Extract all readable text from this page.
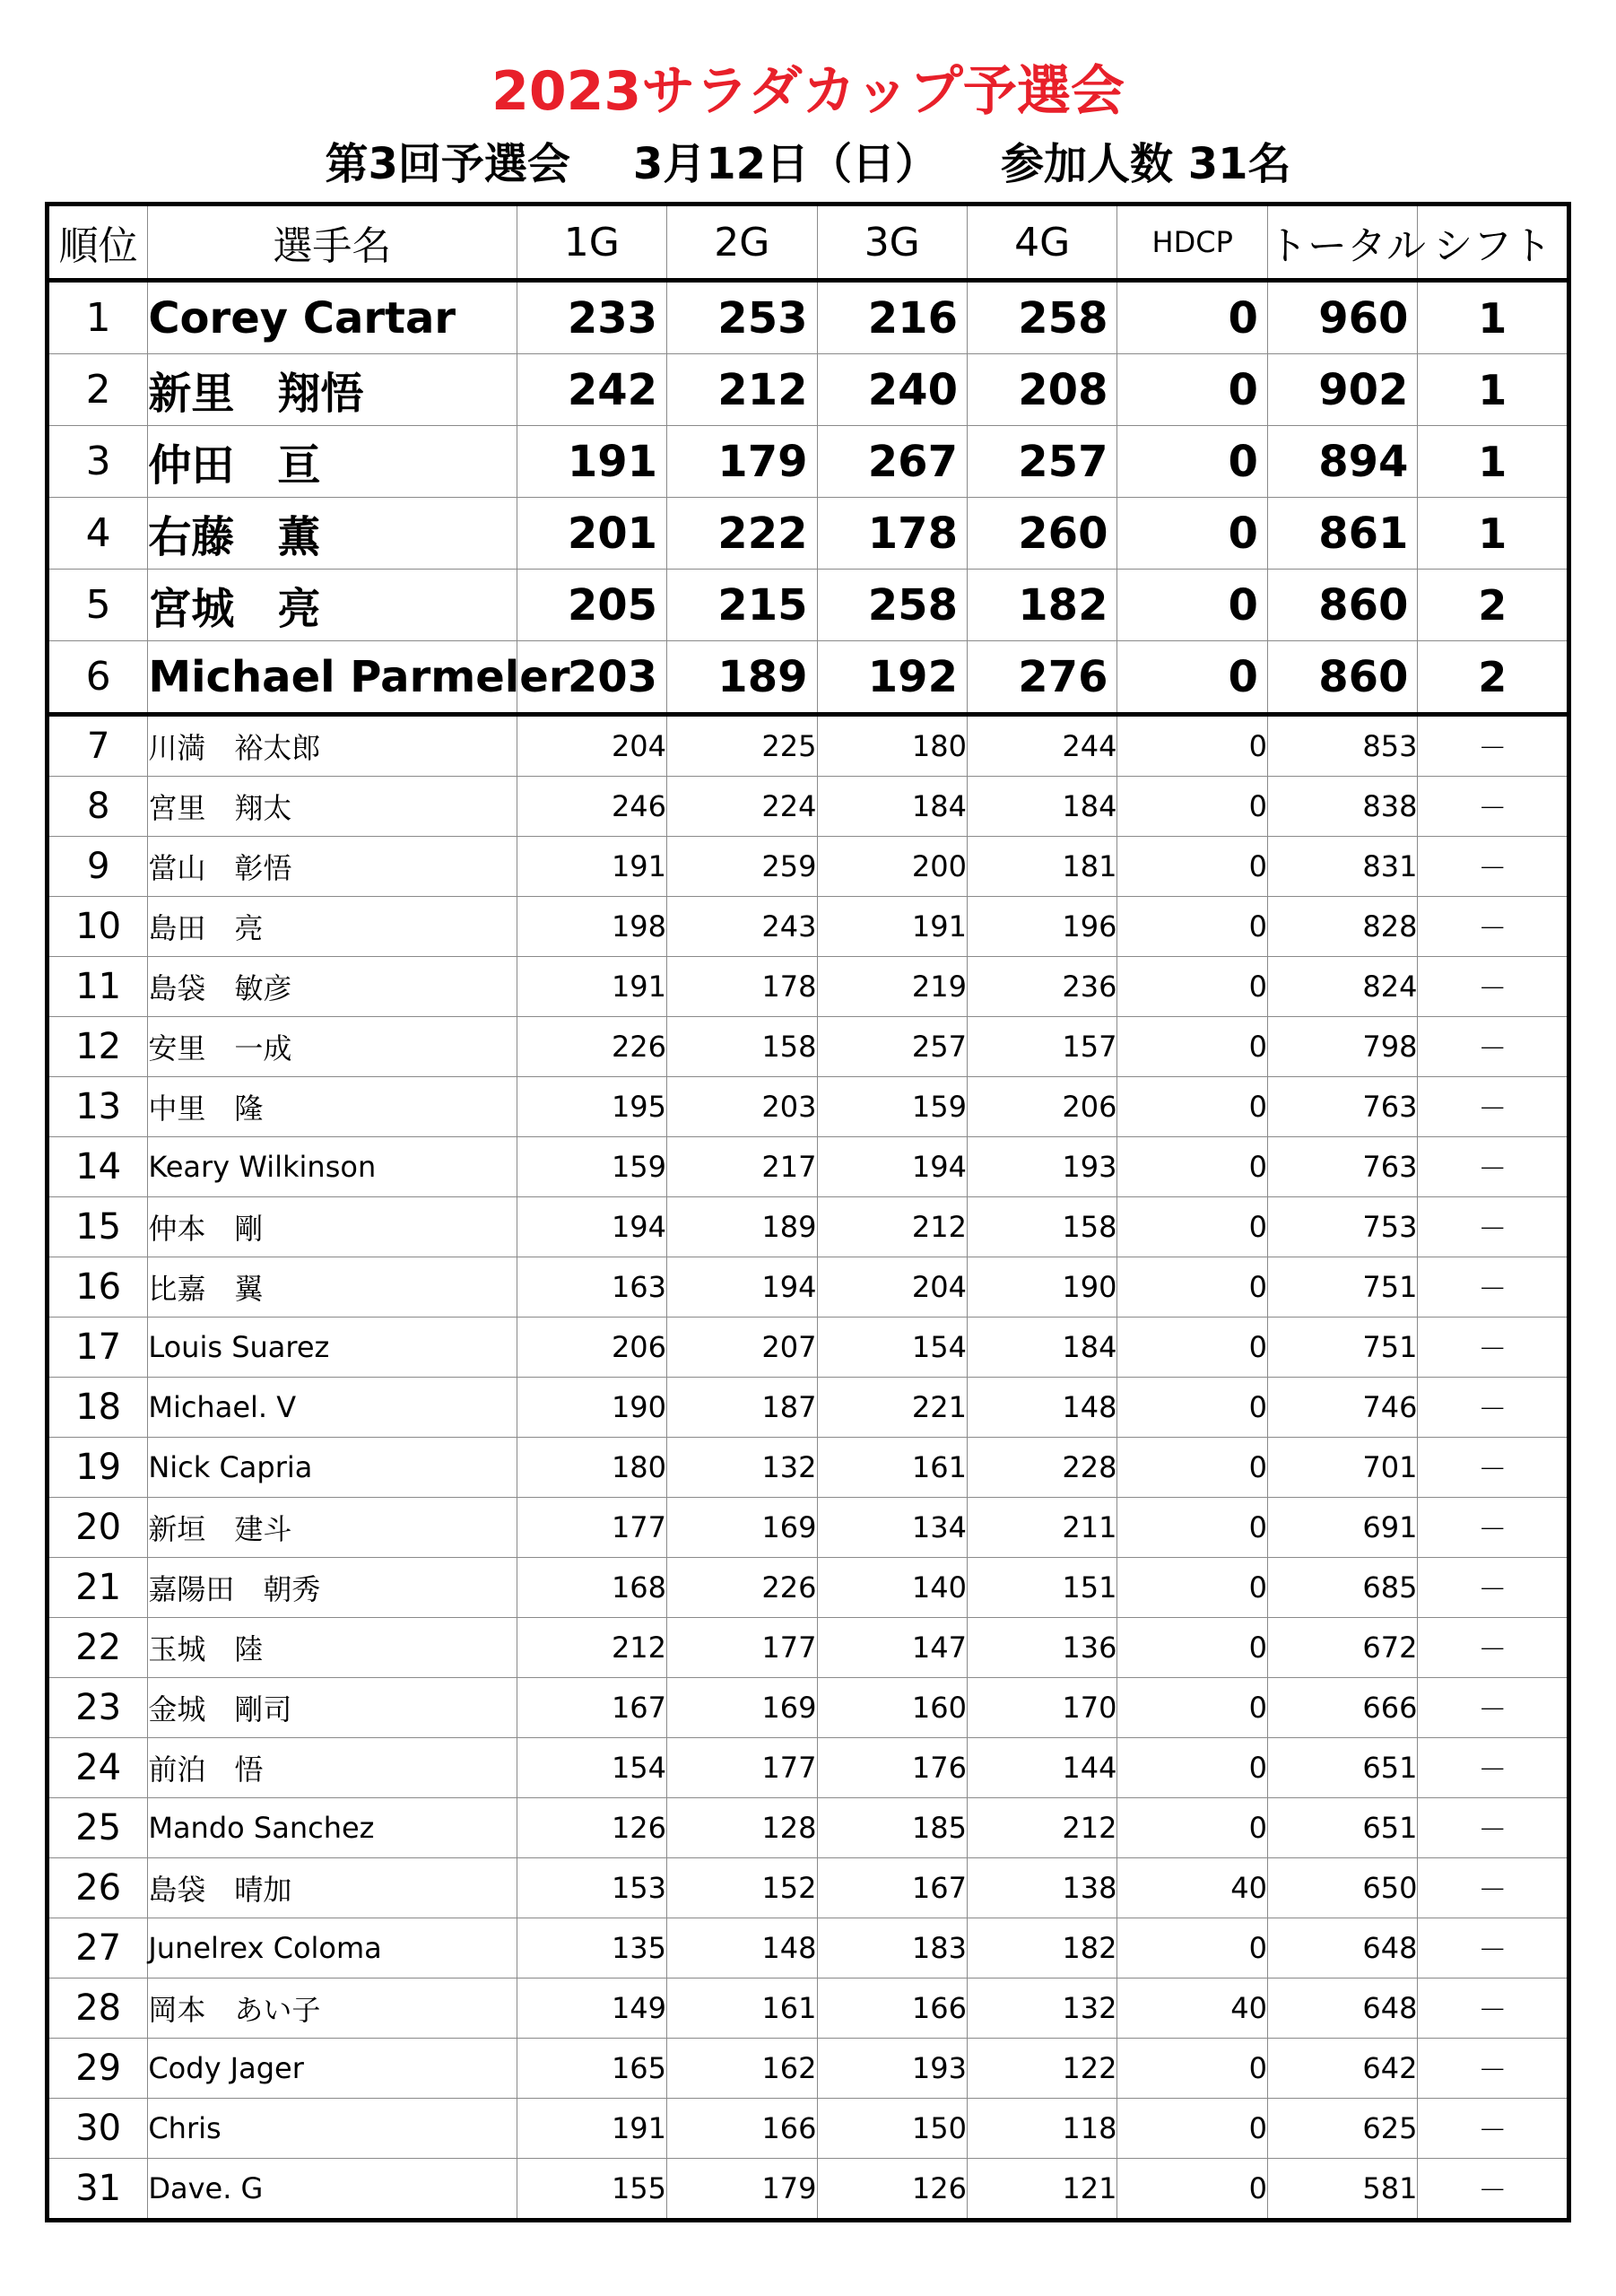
2023サラダカップ予選会
第3回予選会 3月12日（日） 参加人数 31名
順位	選手名	1G	2G	3G	4G	HDCP	トータル	シフト
1	Corey Cartar	233	253	216	258	0	960	1
2	新里　翔悟	242	212	240	208	0	902	1
3	仲田　亘	191	179	267	257	0	894	1
4	右藤　薫	201	222	178	260	0	861	1
5	宮城　亮	205	215	258	182	0	860	2
6	Michael Parmeler	203	189	192	276	0	860	2
7	川満　裕太郎	204	225	180	244	0	853	－
8	宮里　翔太	246	224	184	184	0	838	－
9	當山　彰悟	191	259	200	181	0	831	－
10	島田　亮	198	243	191	196	0	828	－
11	島袋　敏彦	191	178	219	236	0	824	－
12	安里　一成	226	158	257	157	0	798	－
13	中里　隆	195	203	159	206	0	763	－
14	Keary Wilkinson	159	217	194	193	0	763	－
15	仲本　剛	194	189	212	158	0	753	－
16	比嘉　翼	163	194	204	190	0	751	－
17	Louis Suarez	206	207	154	184	0	751	－
18	Michael. V	190	187	221	148	0	746	－
19	Nick Capria	180	132	161	228	0	701	－
20	新垣　建斗	177	169	134	211	0	691	－
21	嘉陽田　朝秀	168	226	140	151	0	685	－
22	玉城　陸	212	177	147	136	0	672	－
23	金城　剛司	167	169	160	170	0	666	－
24	前泊　悟	154	177	176	144	0	651	－
25	Mando Sanchez	126	128	185	212	0	651	－
26	島袋　晴加	153	152	167	138	40	650	－
27	Junelrex Coloma	135	148	183	182	0	648	－
28	岡本　あい子	149	161	166	132	40	648	－
29	Cody Jager	165	162	193	122	0	642	－
30	Chris	191	166	150	118	0	625	－
31	Dave. G	155	179	126	121	0	581	－
